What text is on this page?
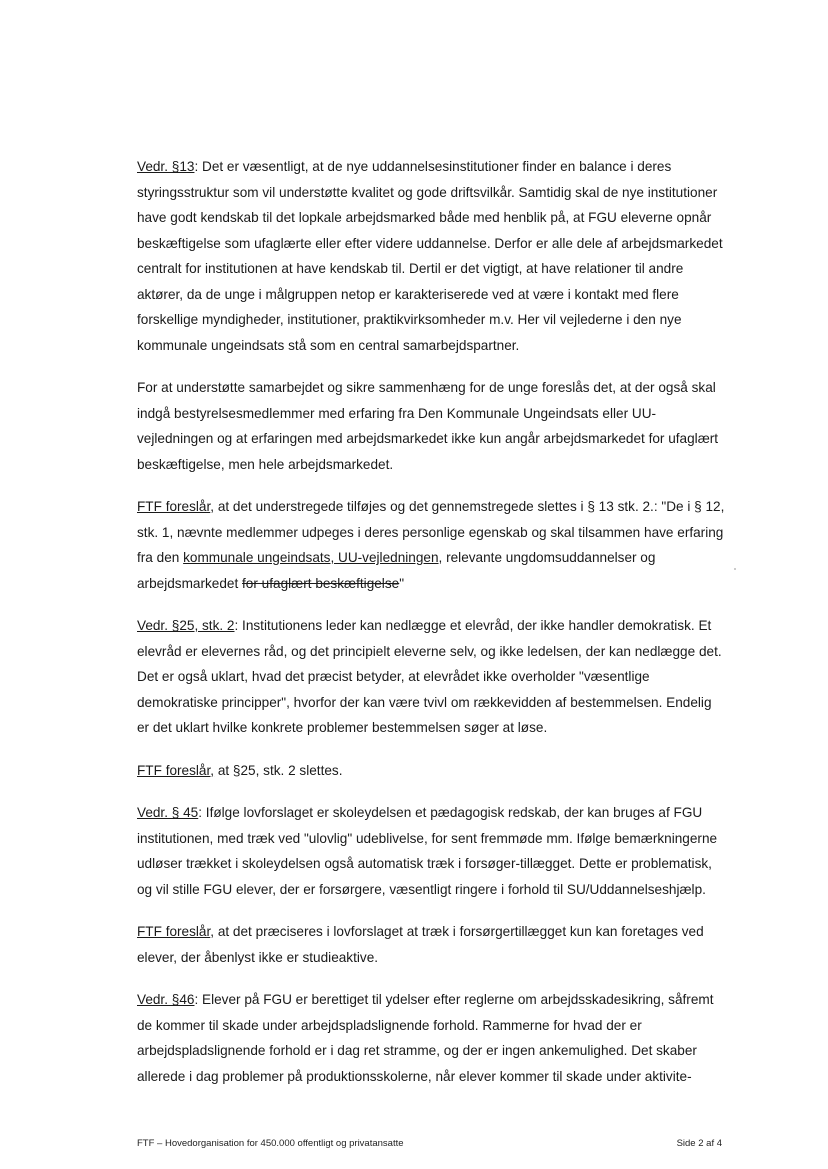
Vedr. §13: Det er væsentligt, at de nye uddannelsesinstitutioner finder en balance i deres styringsstruktur som vil understøtte kvalitet og gode driftsvilkår. Samtidig skal de nye institutioner have godt kendskab til det lopkale arbejdsmarked både med henblik på, at FGU eleverne opnår beskæftigelse som ufaglærte eller efter videre uddannelse. Derfor er alle dele af arbejdsmarkedet centralt for institutionen at have kendskab til. Dertil er det vigtigt, at have relationer til andre aktører, da de unge i målgruppen netop er karakteriserede ved at være i kontakt med flere forskellige myndigheder, institutioner, praktikvirksomheder m.v. Her vil vejlederne i den nye kommunale ungeindsats stå som en central samarbejdspartner.

For at understøtte samarbejdet og sikre sammenhæng for de unge foreslås det, at der også skal indgå bestyrelsesmedlemmer med erfaring fra Den Kommunale Ungeindsats eller UU-vejledningen og at erfaringen med arbejdsmarkedet ikke kun angår arbejdsmarkedet for ufaglært beskæftigelse, men hele arbejdsmarkedet.

FTF foreslår, at det understregede tilføjes og det gennemstregede slettes i § 13 stk. 2.: "De i § 12, stk. 1, nævnte medlemmer udpeges i deres personlige egenskab og skal tilsammen have erfaring fra den kommunale ungeindsats, UU-vejledningen, relevante ungdomsuddannelser og arbejdsmarkedet for ufaglært beskæftigelse"

Vedr. §25, stk. 2: Institutionens leder kan nedlægge et elevråd, der ikke handler demokratisk. Et elevråd er elevernes råd, og det principielt eleverne selv, og ikke ledelsen, der kan nedlægge det. Det er også uklart, hvad det præcist betyder, at elevrådet ikke overholder "væsentlige demokratiske principper", hvorfor der kan være tvivl om rækkevidden af bestemmelsen. Endelig er det uklart hvilke konkrete problemer bestemmelsen søger at løse.

FTF foreslår, at §25, stk. 2 slettes.

Vedr. § 45: Ifølge lovforslaget er skoleydelsen et pædagogisk redskab, der kan bruges af FGU institutionen, med træk ved "ulovlig" udeblivelse, for sent fremmøde mm. Ifølge bemærkningerne udløser trækket i skoleydelsen også automatisk træk i forsøger-tillægget. Dette er problematisk, og vil stille FGU elever, der er forsørgere, væsentligt ringere i forhold til SU/Uddannelseshjælp.

FTF foreslår, at det præciseres i lovforslaget at træk i forsørgertillægget kun kan foretages ved elever, der åbenlyst ikke er studieaktive.

Vedr. §46: Elever på FGU er berettiget til ydelser efter reglerne om arbejdsskadesikring, såfremt de kommer til skade under arbejdspladslignende forhold. Rammerne for hvad der er arbejdspladslignende forhold er i dag ret stramme, og der er ingen ankemulighed. Det skaber allerede i dag problemer på produktionsskolerne, når elever kommer til skade under aktivite-

FTF – Hovedorganisation for 450.000 offentligt og privatansatte	Side 2 af 4
